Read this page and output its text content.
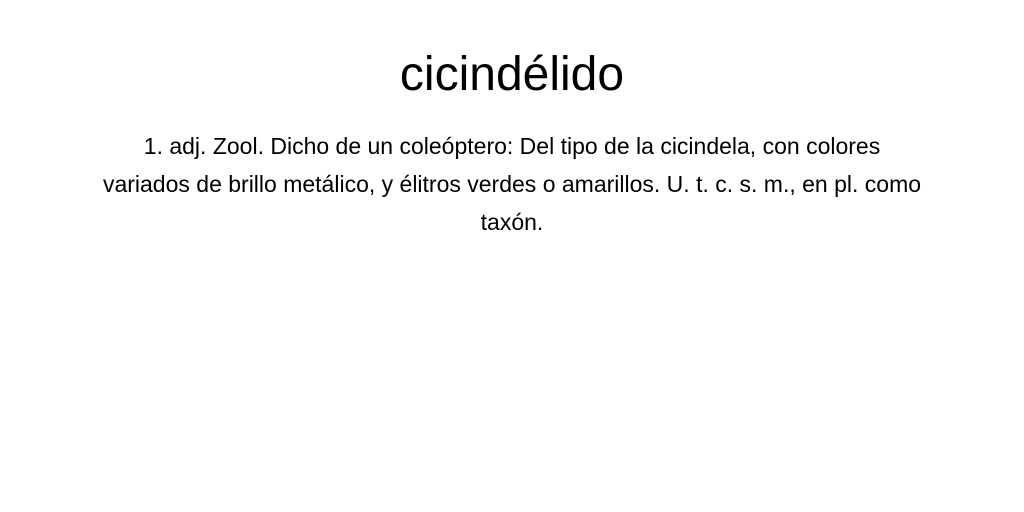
cicindélido

1. adj. Zool. Dicho de un coleóptero: Del tipo de la cicindela, con colores variados de brillo metálico, y élitros verdes o amarillos. U. t. c. s. m., en pl. como taxón.
